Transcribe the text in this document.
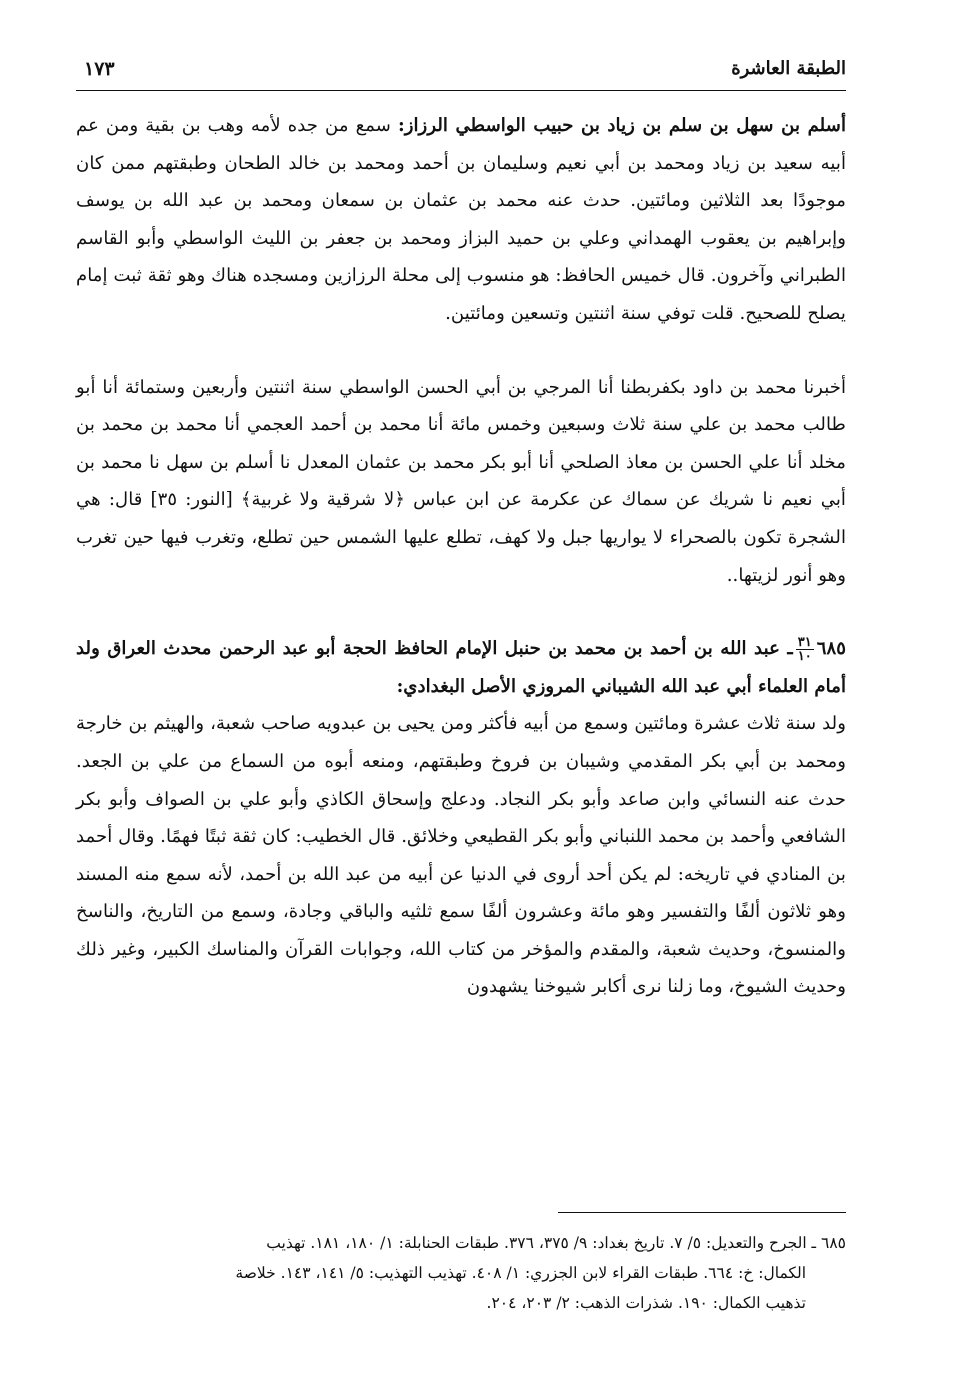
الطبقة العاشرة
١٧٣

أسلم بن سهل بن سلم بن زياد بن حبيب الواسطي الرزاز: سمع من جده لأمه وهب بن بقية ومن عم أبيه سعيد بن زياد ومحمد بن أبي نعيم وسليمان بن أحمد ومحمد بن خالد الطحان وطبقتهم ممن كان موجودًا بعد الثلاثين ومائتين. حدث عنه محمد بن عثمان بن سمعان ومحمد بن عبد الله بن يوسف وإبراهيم بن يعقوب الهمداني وعلي بن حميد البزاز ومحمد بن جعفر بن الليث الواسطي وأبو القاسم الطبراني وآخرون. قال خميس الحافظ: هو منسوب إلى محلة الرزازين ومسجده هناك وهو ثقة ثبت إمام يصلح للصحيح. قلت توفي سنة اثنتين وتسعين ومائتين.

أخبرنا محمد بن داود بكفربطنا أنا المرجي بن أبي الحسن الواسطي سنة اثنتين وأربعين وستمائة أنا أبو طالب محمد بن علي سنة ثلاث وسبعين وخمس مائة أنا محمد بن أحمد العجمي أنا محمد بن محمد بن مخلد أنا علي الحسن بن معاذ الصلحي أنا أبو بكر محمد بن عثمان المعدل نا أسلم بن سهل نا محمد بن أبي نعيم نا شريك عن سماك عن عكرمة عن ابن عباس ﴿لا شرقية ولا غربية﴾ [النور: ٣٥] قال: هي الشجرة تكون بالصحراء لا يواريها جبل ولا كهف، تطلع عليها الشمس حين تطلع، وتغرب فيها حين تغرب وهو أنور لزيتها..

٦٨٥
$\frac{٣١}{١٠}$
ـ عبد الله بن أحمد بن محمد بن حنبل الإمام الحافظ الحجة أبو عبد الرحمن محدث العراق ولد أمام العلماء أبي عبد الله الشيباني المروزي الأصل البغدادي:

ولد سنة ثلاث عشرة ومائتين وسمع من أبيه فأكثر ومن يحيى بن عبدويه صاحب شعبة، والهيثم بن خارجة ومحمد بن أبي بكر المقدمي وشيبان بن فروخ وطبقتهم، ومنعه أبوه من السماع من علي بن الجعد. حدث عنه النسائي وابن صاعد وأبو بكر النجاد. ودعلج وإسحاق الكاذي وأبو علي بن الصواف وأبو بكر الشافعي وأحمد بن محمد اللنباني وأبو بكر القطيعي وخلائق. قال الخطيب: كان ثقة ثبتًا فهمًا. وقال أحمد بن المنادي في تاريخه: لم يكن أحد أروى في الدنيا عن أبيه من عبد الله بن أحمد، لأنه سمع منه المسند وهو ثلاثون ألفًا والتفسير وهو مائة وعشرون ألفًا سمع ثلثيه والباقي وجادة، وسمع من التاريخ، والناسخ والمنسوخ، وحديث شعبة، والمقدم والمؤخر من كتاب الله، وجوابات القرآن والمناسك الكبير، وغير ذلك وحديث الشيوخ، وما زلنا نرى أكابر شيوخنا يشهدون

٦٨٥ ـ الجرح والتعديل: ٥/ ٧. تاريخ بغداد: ٩/ ٣٧٥، ٣٧٦. طبقات الحنابلة: ١/ ١٨٠، ١٨١. تهذيب
الكمال: خ: ٦٦٤. طبقات القراء لابن الجزري: ١/ ٤٠٨. تهذيب التهذيب: ٥/ ١٤١، ١٤٣. خلاصة
تذهيب الكمال: ١٩٠. شذرات الذهب: ٢/ ٢٠٣، ٢٠٤.
